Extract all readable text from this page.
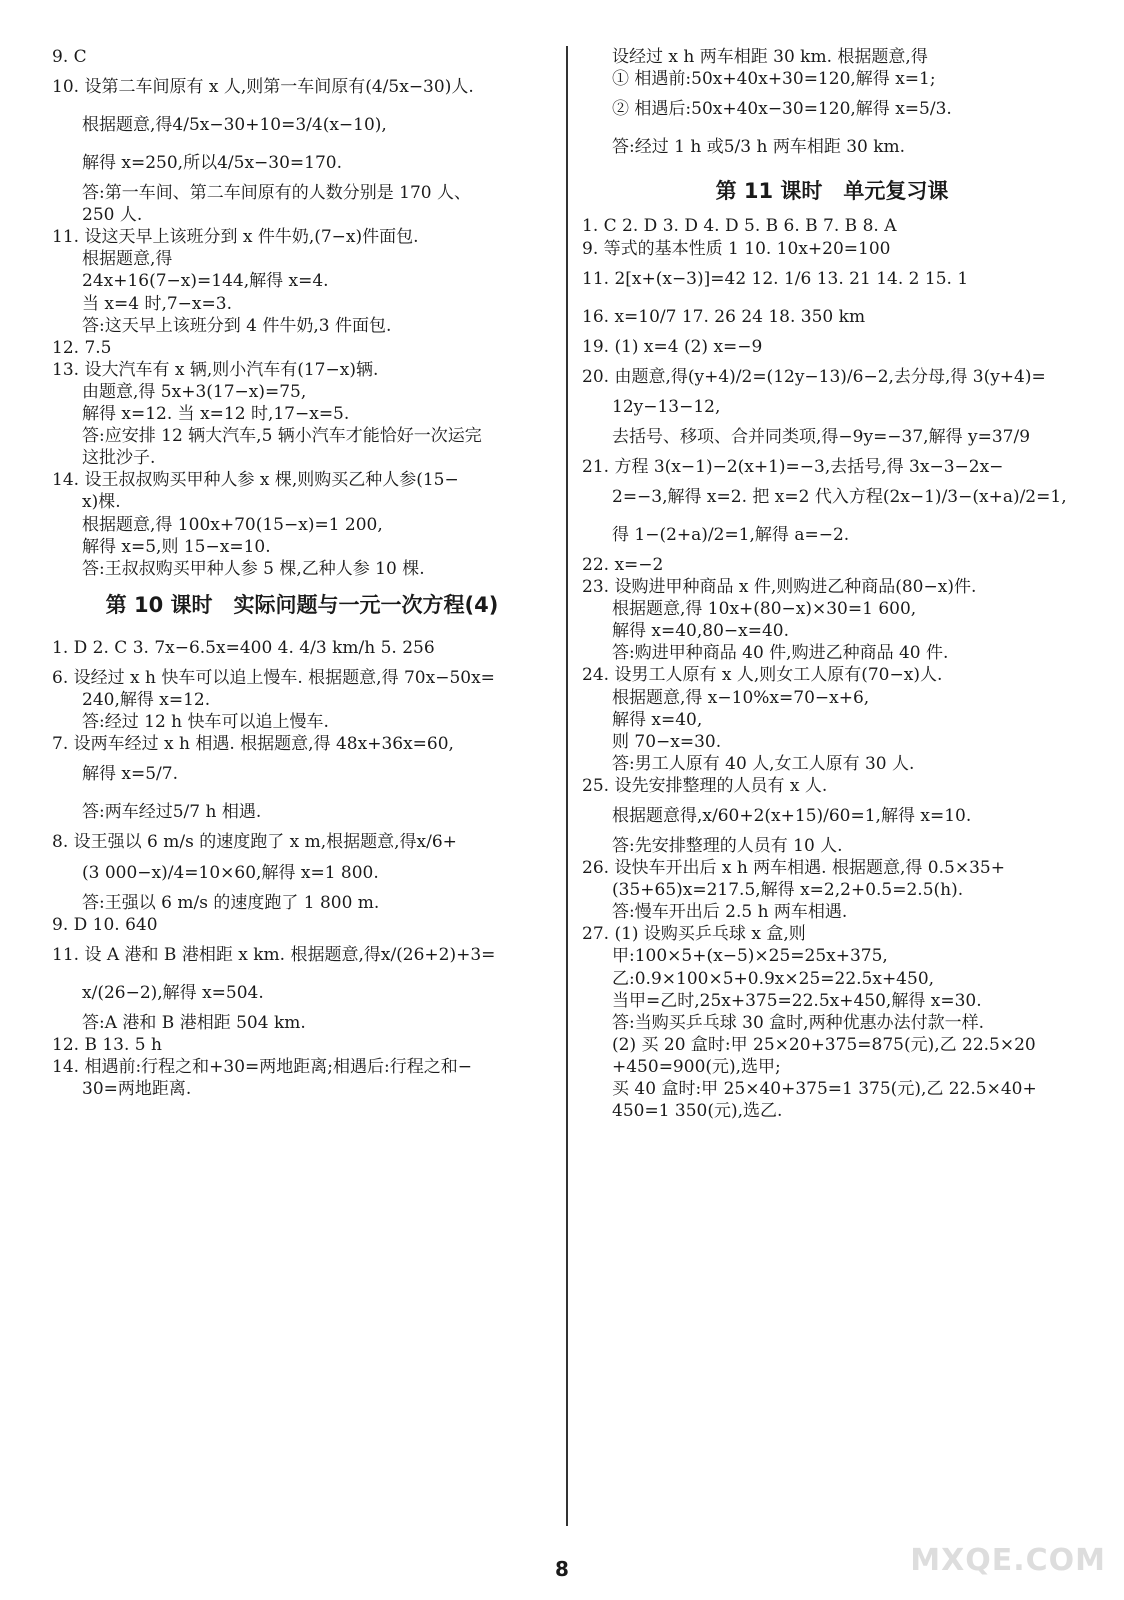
9. C
10. 设第二车间原有 x 人,则第一车间原有(4/5x−30)人.
根据题意,得4/5x−30+10=3/4(x−10),
解得 x=250,所以4/5x−30=170.
答:第一车间、第二车间原有的人数分别是 170 人、
250 人.
11. 设这天早上该班分到 x 件牛奶,(7−x)件面包.
根据题意,得
24x+16(7−x)=144,解得 x=4.
当 x=4 时,7−x=3.
答:这天早上该班分到 4 件牛奶,3 件面包.
12. 7.5
13. 设大汽车有 x 辆,则小汽车有(17−x)辆.
由题意,得 5x+3(17−x)=75,
解得 x=12. 当 x=12 时,17−x=5.
答:应安排 12 辆大汽车,5 辆小汽车才能恰好一次运完
这批沙子.
14. 设王叔叔购买甲种人参 x 棵,则购买乙种人参(15−
x)棵.
根据题意,得 100x+70(15−x)=1 200,
解得 x=5,则 15−x=10.
答:王叔叔购买甲种人参 5 棵,乙种人参 10 棵.
第 10 课时　实际问题与一元一次方程(4)
1. D 2. C 3. 7x−6.5x=400 4. 4/3 km/h 5. 256
6. 设经过 x h 快车可以追上慢车. 根据题意,得 70x−50x=
240,解得 x=12.
答:经过 12 h 快车可以追上慢车.
7. 设两车经过 x h 相遇. 根据题意,得 48x+36x=60,
解得 x=5/7.
答:两车经过5/7 h 相遇.
8. 设王强以 6 m/s 的速度跑了 x m,根据题意,得x/6+
(3 000−x)/4=10×60,解得 x=1 800.
答:王强以 6 m/s 的速度跑了 1 800 m.
9. D 10. 640
11. 设 A 港和 B 港相距 x km. 根据题意,得x/(26+2)+3=
x/(26−2),解得 x=504.
答:A 港和 B 港相距 504 km.
12. B 13. 5 h
14. 相遇前:行程之和+30=两地距离;相遇后:行程之和−
30=两地距离.
设经过 x h 两车相距 30 km. 根据题意,得
① 相遇前:50x+40x+30=120,解得 x=1;
② 相遇后:50x+40x−30=120,解得 x=5/3.
答:经过 1 h 或5/3 h 两车相距 30 km.
第 11 课时　单元复习课
1. C 2. D 3. D 4. D 5. B 6. B 7. B 8. A
9. 等式的基本性质 1 10. 10x+20=100
11. 2[x+(x−3)]=42 12. 1/6 13. 21 14. 2 15. 1
16. x=10/7 17. 26 24 18. 350 km
19. (1) x=4 (2) x=−9
20. 由题意,得(y+4)/2=(12y−13)/6−2,去分母,得 3(y+4)=
12y−13−12,
去括号、移项、合并同类项,得−9y=−37,解得 y=37/9
21. 方程 3(x−1)−2(x+1)=−3,去括号,得 3x−3−2x−
2=−3,解得 x=2. 把 x=2 代入方程(2x−1)/3−(x+a)/2=1,
得 1−(2+a)/2=1,解得 a=−2.
22. x=−2
23. 设购进甲种商品 x 件,则购进乙种商品(80−x)件.
根据题意,得 10x+(80−x)×30=1 600,
解得 x=40,80−x=40.
答:购进甲种商品 40 件,购进乙种商品 40 件.
24. 设男工人原有 x 人,则女工人原有(70−x)人.
根据题意,得 x−10%x=70−x+6,
解得 x=40,
则 70−x=30.
答:男工人原有 40 人,女工人原有 30 人.
25. 设先安排整理的人员有 x 人.
根据题意得,x/60+2(x+15)/60=1,解得 x=10.
答:先安排整理的人员有 10 人.
26. 设快车开出后 x h 两车相遇. 根据题意,得 0.5×35+
(35+65)x=217.5,解得 x=2,2+0.5=2.5(h).
答:慢车开出后 2.5 h 两车相遇.
27. (1) 设购买乒乓球 x 盒,则
甲:100×5+(x−5)×25=25x+375,
乙:0.9×100×5+0.9x×25=22.5x+450,
当甲=乙时,25x+375=22.5x+450,解得 x=30.
答:当购买乒乓球 30 盒时,两种优惠办法付款一样.
(2) 买 20 盒时:甲 25×20+375=875(元),乙 22.5×20
+450=900(元),选甲;
买 40 盒时:甲 25×40+375=1 375(元),乙 22.5×40+
450=1 350(元),选乙.
8	MXQE.COM
